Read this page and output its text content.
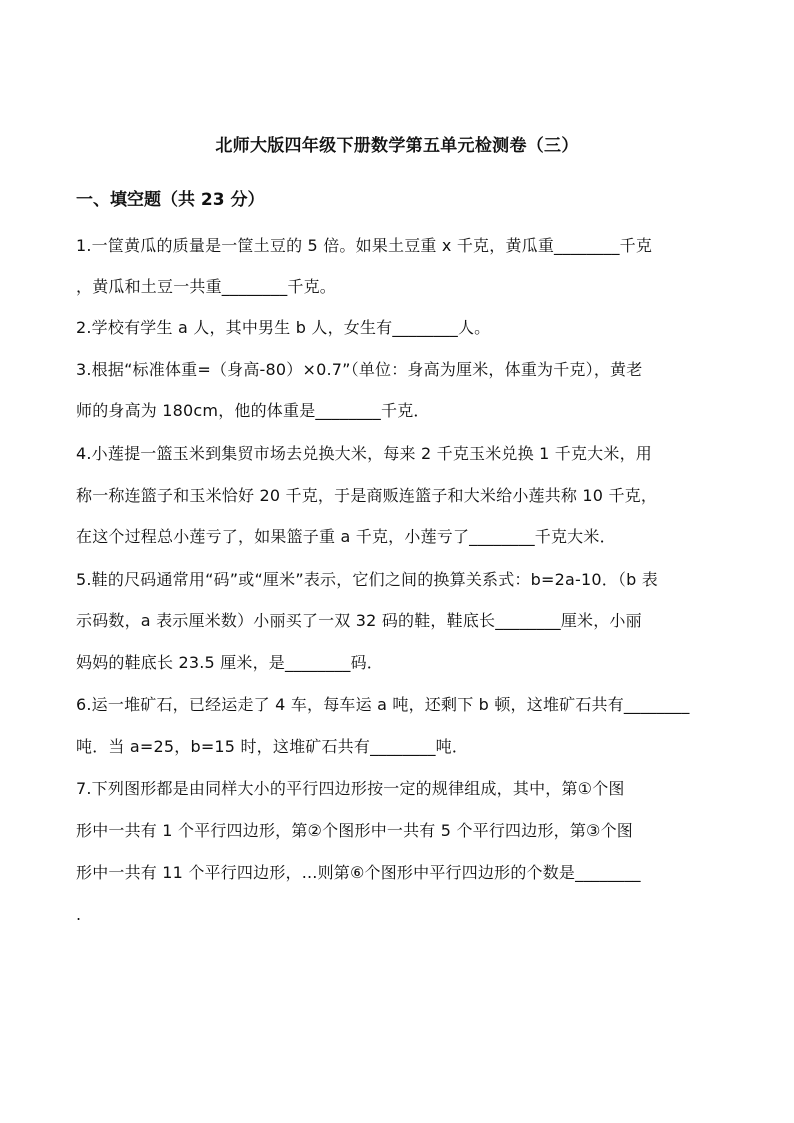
北师大版四年级下册数学第五单元检测卷（三）
一、填空题（共 23 分）
1.一筐黄瓜的质量是一筐土豆的 5 倍。如果土豆重 x 千克，黄瓜重________千克
，黄瓜和土豆一共重________千克。
2.学校有学生 a 人，其中男生 b 人，女生有________人。
3.根据“标准体重=（身高-80）×0.7”（单位：身高为厘米，体重为千克），黄老
师的身高为 180cm，他的体重是________千克．
4.小莲提一篮玉米到集贸市场去兑换大米，每来 2 千克玉米兑换 1 千克大米，用
称一称连篮子和玉米恰好 20 千克，于是商贩连篮子和大米给小莲共称 10 千克，
在这个过程总小莲亏了，如果篮子重 a 千克，小莲亏了________千克大米．
5.鞋的尺码通常用“码”或“厘米”表示，它们之间的换算关系式：b=2a-10．（b 表
示码数，a 表示厘米数）小丽买了一双 32 码的鞋，鞋底长________厘米，小丽
妈妈的鞋底长 23.5 厘米，是________码．
6.运一堆矿石，已经运走了 4 车，每车运 a 吨，还剩下 b 顿，这堆矿石共有________
吨．当 a=25，b=15 时，这堆矿石共有________吨．
7.下列图形都是由同样大小的平行四边形按一定的规律组成，其中，第①个图
形中一共有 1 个平行四边形，第②个图形中一共有 5 个平行四边形，第③个图
形中一共有 11 个平行四边形，...则第⑥个图形中平行四边形的个数是________
.
